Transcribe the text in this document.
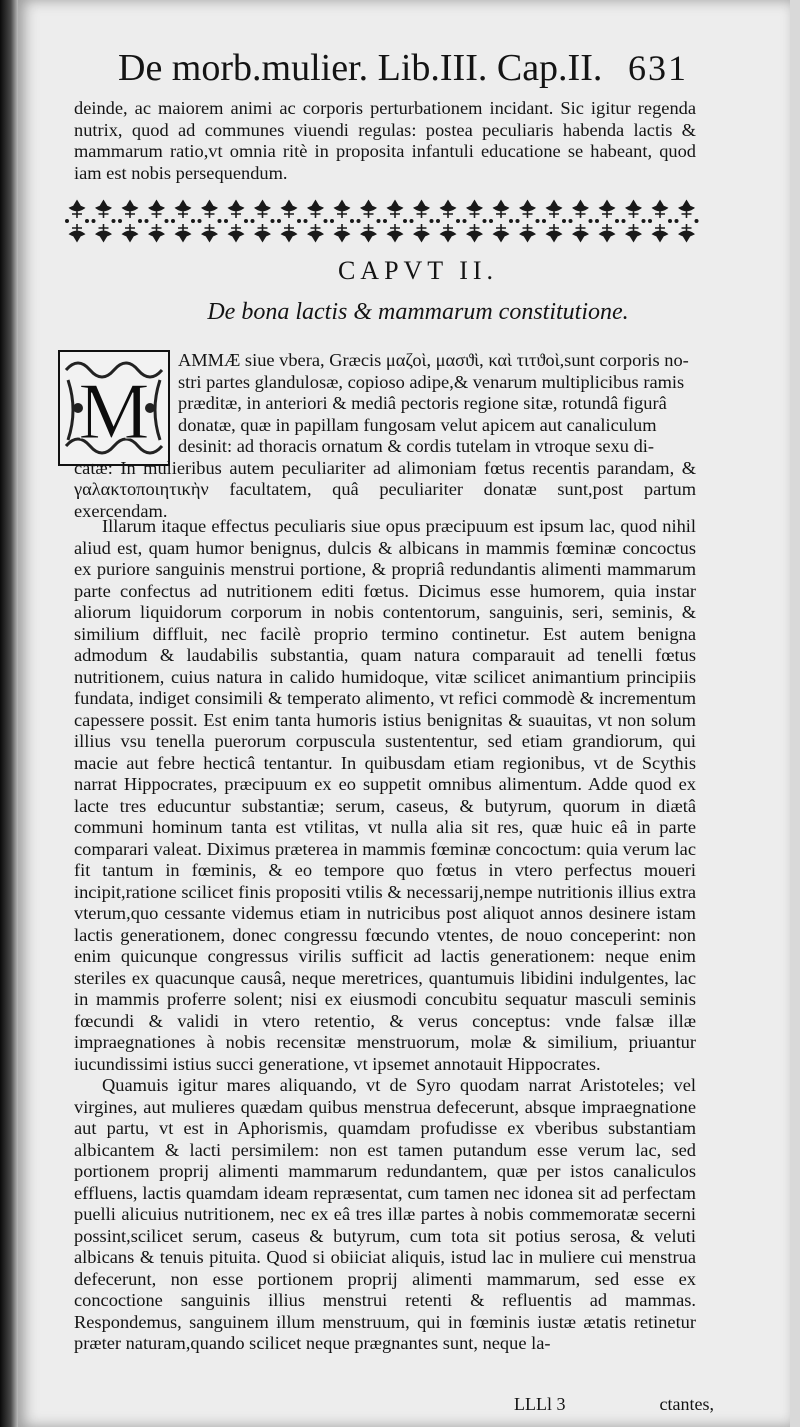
De morb.mulier. Lib.III. Cap.II. 631

deinde, ac maiorem animi ac corporis perturbationem incidant. Sic igitur regenda nutrix, quod ad communes viuendi regulas: postea peculiaris habenda lactis & mammarum ratio,vt omnia ritè in proposita infantuli educatione se habeant, quod iam est nobis persequendum.

CAPVT II.
De bona lactis & mammarum constitutione.
M

AMMÆ siue vbera, Græcis μαζοὶ, μασϑὶ, καὶ τιτϑοὶ,sunt corporis no-

stri partes glandulosæ, copioso adipe,& venarum multiplicibus ramis

præditæ, in anteriori & mediâ pectoris regione sitæ, rotundâ figurâ

donatæ, quæ in papillam fungosam velut apicem aut canaliculum

desinit: ad thoracis ornatum & cordis tutelam in vtroque sexu di-

catæ: In mulieribus autem peculiariter ad alimoniam fœtus recentis parandam, & γαλακτοποιητικὴν facultatem, quâ peculiariter donatæ sunt,post partum exercendam.

Illarum itaque effectus peculiaris siue opus præcipuum est ipsum lac, quod nihil aliud est, quam humor benignus, dulcis & albicans in mammis fœminæ concoctus ex puriore sanguinis menstrui portione, & propriâ redundantis alimenti mammarum parte confectus ad nutritionem editi fœtus. Dicimus esse humorem, quia instar aliorum liquidorum corporum in nobis contentorum, sanguinis, seri, seminis, & similium diffluit, nec facilè proprio termino continetur. Est autem benigna admodum & laudabilis substantia, quam natura comparauit ad tenelli fœtus nutritionem, cuius natura in calido humidoque, vitæ scilicet animantium principiis fundata, indiget consimili & temperato alimento, vt refici commodè & incrementum capessere possit. Est enim tanta humoris istius benignitas & suauitas, vt non solum illius vsu tenella puerorum corpuscula sustententur, sed etiam grandiorum, qui macie aut febre hecticâ tentantur. In quibusdam etiam regionibus, vt de Scythis narrat Hippocrates, præcipuum ex eo suppetit omnibus alimentum. Adde quod ex lacte tres educuntur substantiæ; serum, caseus, & butyrum, quorum in diætâ communi hominum tanta est vtilitas, vt nulla alia sit res, quæ huic eâ in parte comparari valeat. Diximus præterea in mammis fœminæ concoctum: quia verum lac fit tantum in fœminis, & eo tempore quo fœtus in vtero perfectus moueri incipit,ratione scilicet finis propositi vtilis & necessarij,nempe nutritionis illius extra vterum,quo cessante videmus etiam in nutricibus post aliquot annos desinere istam lactis generationem, donec congressu fœcundo vtentes, de nouo conceperint: non enim quicunque congressus virilis sufficit ad lactis generationem: neque enim steriles ex quacunque causâ, neque meretrices, quantumuis libidini indulgentes, lac in mammis proferre solent; nisi ex eiusmodi concubitu sequatur masculi seminis fœcundi & validi in vtero retentio, & verus conceptus: vnde falsæ illæ impraegnationes à nobis recensitæ menstruorum, molæ & similium, priuantur iucundissimi istius succi generatione, vt ipsemet annotauit Hippocrates.

Quamuis igitur mares aliquando, vt de Syro quodam narrat Aristoteles; vel virgines, aut mulieres quædam quibus menstrua defecerunt, absque impraegnatione aut partu, vt est in Aphorismis, quamdam profudisse ex vberibus substantiam albicantem & lacti persimilem: non est tamen putandum esse verum lac, sed portionem proprij alimenti mammarum redundantem, quæ per istos canaliculos effluens, lactis quamdam ideam repræsentat, cum tamen nec idonea sit ad perfectam puelli alicuius nutritionem, nec ex eâ tres illæ partes à nobis commemoratæ secerni possint,scilicet serum, caseus & butyrum, cum tota sit potius serosa, & veluti albicans & tenuis pituita. Quod si obiiciat aliquis, istud lac in muliere cui menstrua defecerunt, non esse portionem proprij alimenti mammarum, sed esse ex concoctione sanguinis illius menstrui retenti & refluentis ad mammas. Respondemus, sanguinem illum menstruum, qui in fœminis iustæ ætatis retinetur præter naturam,quando scilicet neque prægnantes sunt, neque la-

LLLl 3	ctantes,
